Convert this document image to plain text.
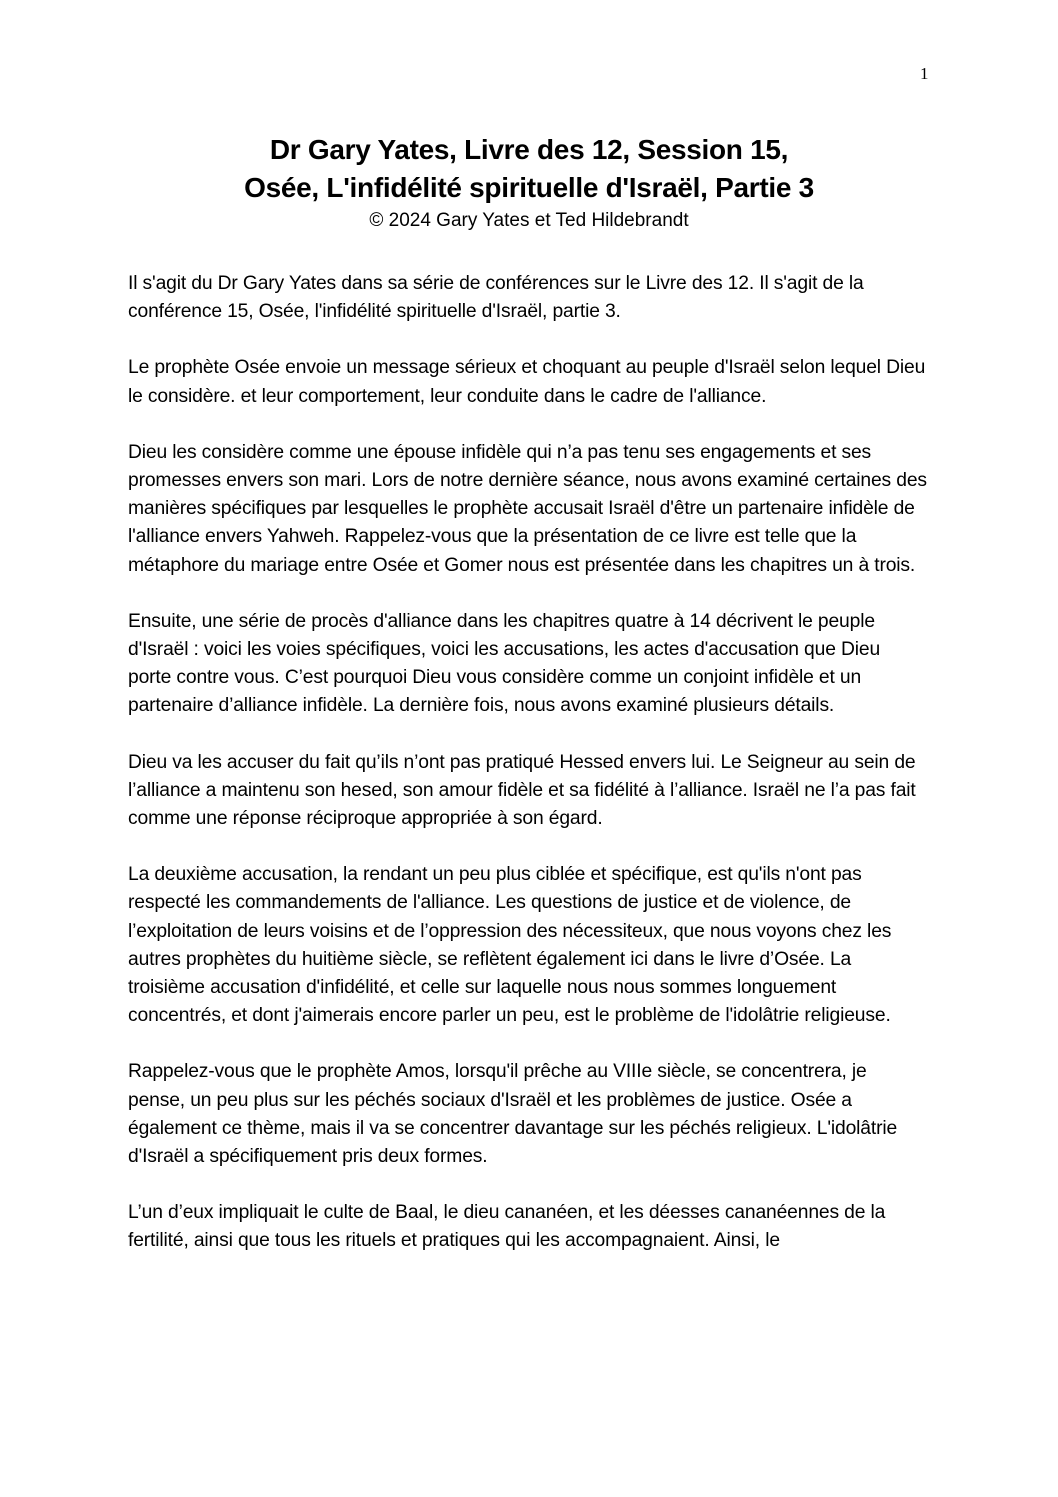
1
Dr Gary Yates, Livre des 12, Session 15,
Osée, L'infidélité spirituelle d'Israël, Partie 3
© 2024 Gary Yates et Ted Hildebrandt

Il s'agit du Dr Gary Yates dans sa série de conférences sur le Livre des 12. Il s'agit de la conférence 15, Osée, l'infidélité spirituelle d'Israël, partie 3.

Le prophète Osée envoie un message sérieux et choquant au peuple d'Israël selon lequel Dieu le considère. et leur comportement, leur conduite dans le cadre de l'alliance.

Dieu les considère comme une épouse infidèle qui n’a pas tenu ses engagements et ses promesses envers son mari. Lors de notre dernière séance, nous avons examiné certaines des manières spécifiques par lesquelles le prophète accusait Israël d'être un partenaire infidèle de l'alliance envers Yahweh. Rappelez-vous que la présentation de ce livre est telle que la métaphore du mariage entre Osée et Gomer nous est présentée dans les chapitres un à trois.

Ensuite, une série de procès d'alliance dans les chapitres quatre à 14 décrivent le peuple d'Israël : voici les voies spécifiques, voici les accusations, les actes d'accusation que Dieu porte contre vous. C’est pourquoi Dieu vous considère comme un conjoint infidèle et un partenaire d’alliance infidèle. La dernière fois, nous avons examiné plusieurs détails.

Dieu va les accuser du fait qu’ils n’ont pas pratiqué Hessed envers lui. Le Seigneur au sein de l’alliance a maintenu son hesed, son amour fidèle et sa fidélité à l’alliance. Israël ne l’a pas fait comme une réponse réciproque appropriée à son égard.

La deuxième accusation, la rendant un peu plus ciblée et spécifique, est qu'ils n'ont pas respecté les commandements de l'alliance. Les questions de justice et de violence, de l’exploitation de leurs voisins et de l’oppression des nécessiteux, que nous voyons chez les autres prophètes du huitième siècle, se reflètent également ici dans le livre d’Osée. La troisième accusation d'infidélité, et celle sur laquelle nous nous sommes longuement concentrés, et dont j'aimerais encore parler un peu, est le problème de l'idolâtrie religieuse.

Rappelez-vous que le prophète Amos, lorsqu'il prêche au VIIIe siècle, se concentrera, je pense, un peu plus sur les péchés sociaux d'Israël et les problèmes de justice. Osée a également ce thème, mais il va se concentrer davantage sur les péchés religieux. L'idolâtrie d'Israël a spécifiquement pris deux formes.

L’un d’eux impliquait le culte de Baal, le dieu cananéen, et les déesses cananéennes de la fertilité, ainsi que tous les rituels et pratiques qui les accompagnaient. Ainsi, le
